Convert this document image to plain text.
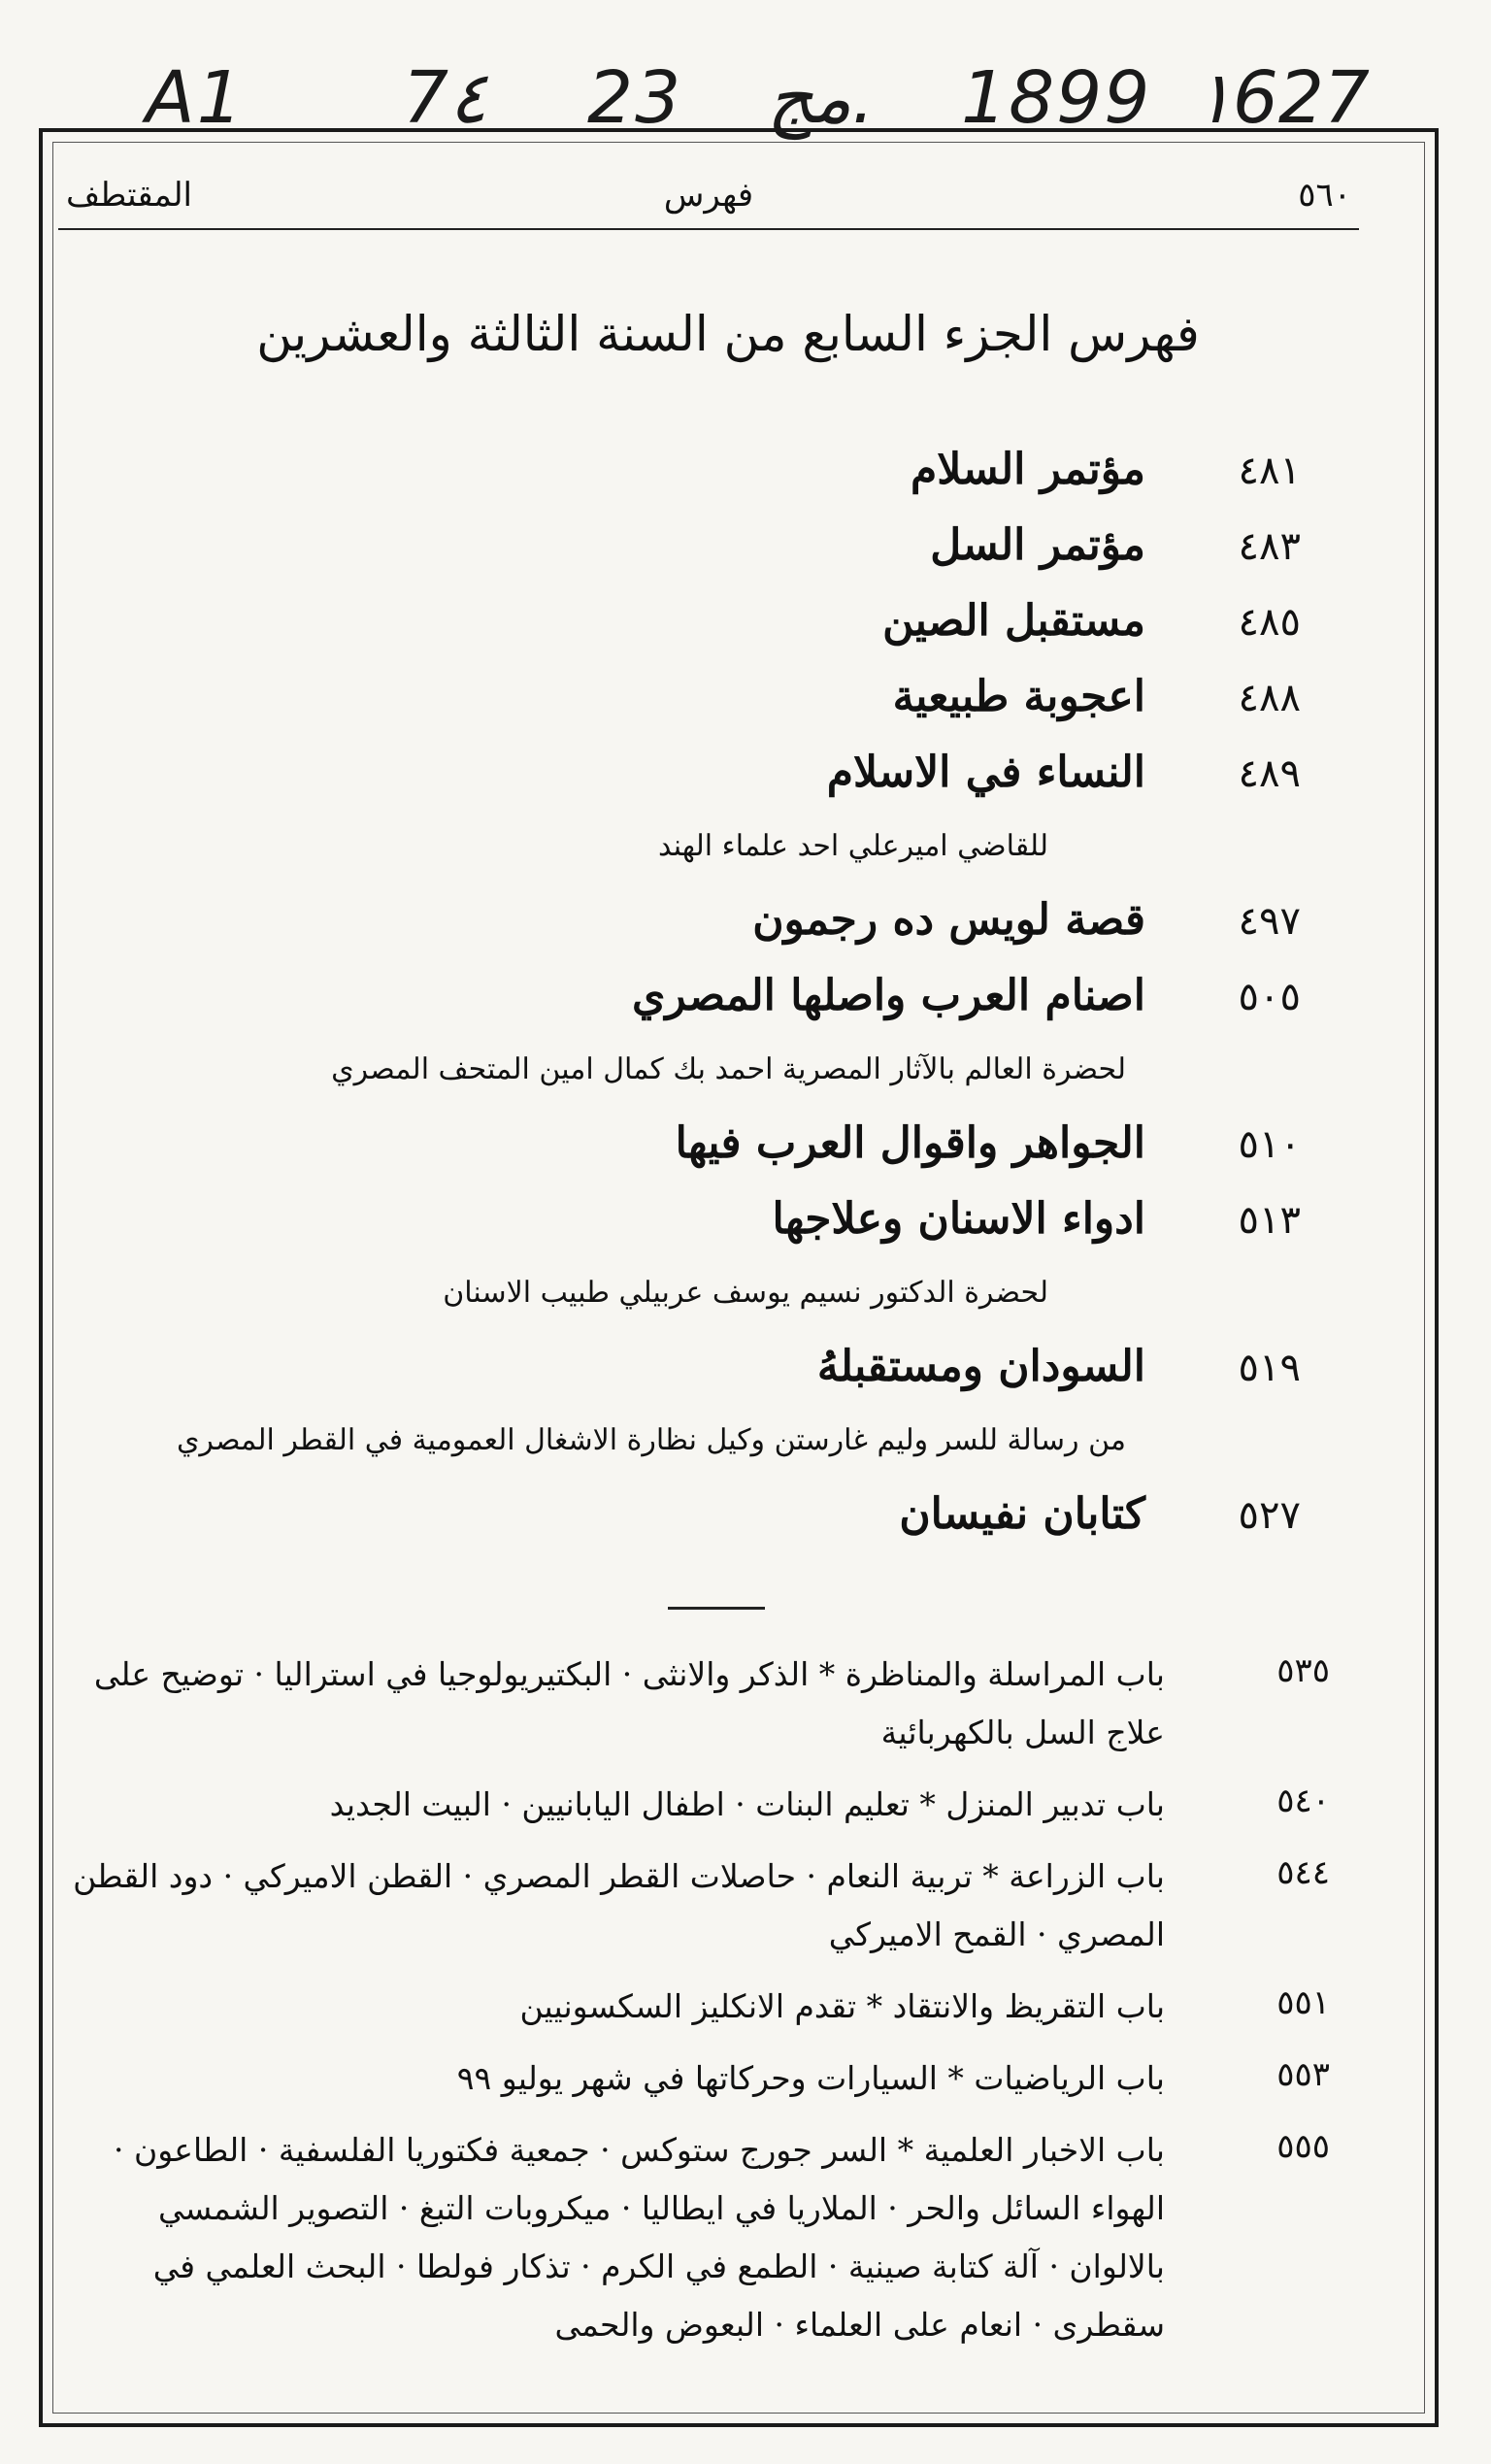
A1 7٤ 23 مج. 1899 ١627
٥٦٠
فهرس
المقتطف
فهرس الجزء السابع من السنة الثالثة والعشرين
٤٨١
مؤتمر السلام
٤٨٣
مؤتمر السل
٤٨٥
مستقبل الصين
٤٨٨
اعجوبة طبيعية
٤٨٩
النساء في الاسلام
للقاضي اميرعلي احد علماء الهند
٤٩٧
قصة لويس ده رجمون
٥٠٥
اصنام العرب واصلها المصري
لحضرة العالم بالآثار المصرية احمد بك كمال امين المتحف المصري
٥١٠
الجواهر واقوال العرب فيها
٥١٣
ادواء الاسنان وعلاجها
لحضرة الدكتور نسيم يوسف عربيلي طبيب الاسنان
٥١٩
السودان ومستقبلهُ
من رسالة للسر وليم غارستن وكيل نظارة الاشغال العمومية في القطر المصري
٥٢٧
كتابان نفيسان
٥٣٥
باب المراسلة والمناظرة * الذكر والانثى · البكتيريولوجيا في استراليا · توضيح على علاج السل بالكهربائية
٥٤٠
باب تدبير المنزل * تعليم البنات · اطفال اليابانيين · البيت الجديد
٥٤٤
باب الزراعة * تربية النعام · حاصلات القطر المصري · القطن الاميركي · دود القطن المصري · القمح الاميركي
٥٥١
باب التقريظ والانتقاد * تقدم الانكليز السكسونيين
٥٥٣
باب الرياضيات * السيارات وحركاتها في شهر يوليو ٩٩
٥٥٥
باب الاخبار العلمية * السر جورج ستوكس · جمعية فكتوريا الفلسفية · الطاعون · الهواء السائل والحر · الملاريا في ايطاليا · ميكروبات التبغ · التصوير الشمسي بالالوان · آلة كتابة صينية · الطمع في الكرم · تذكار فولطا · البحث العلمي في سقطرى · انعام على العلماء · البعوض والحمى
